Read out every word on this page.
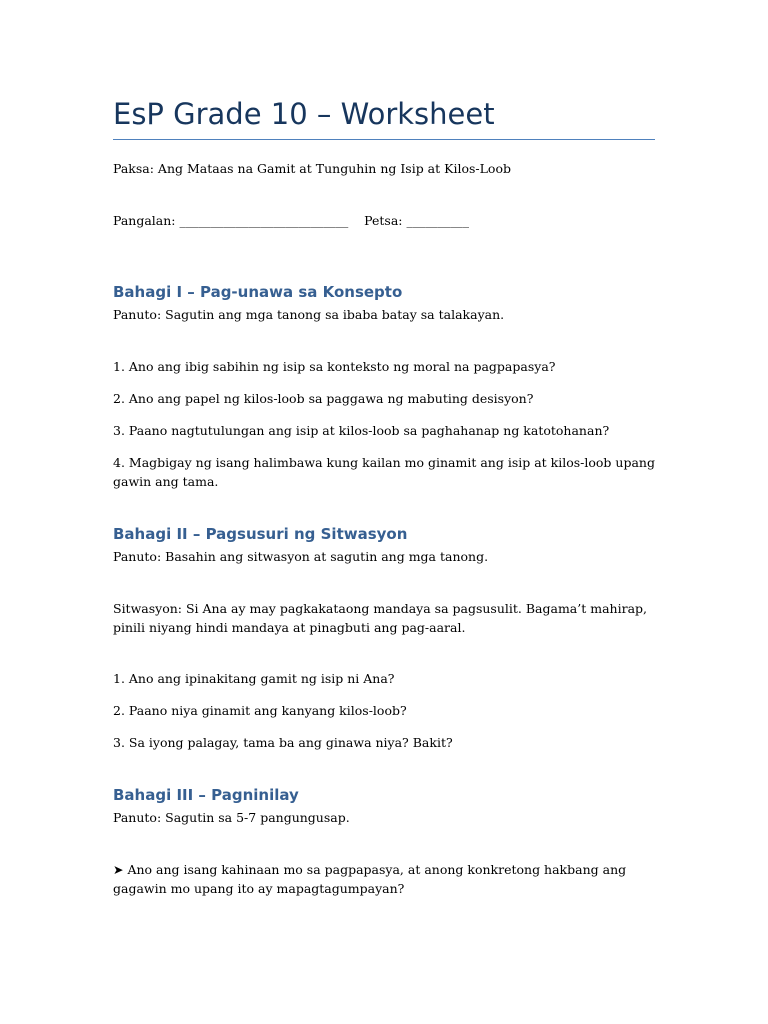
EsP Grade 10 – Worksheet

Paksa: Ang Mataas na Gamit at Tunguhin ng Isip at Kilos-Loob

Pangalan: ___________________________ Petsa: __________

Bahagi I – Pag-unawa sa Konsepto

Panuto: Sagutin ang mga tanong sa ibaba batay sa talakayan.

1. Ano ang ibig sabihin ng isip sa konteksto ng moral na pagpapasya?

2. Ano ang papel ng kilos-loob sa paggawa ng mabuting desisyon?

3. Paano nagtutulungan ang isip at kilos-loob sa paghahanap ng katotohanan?

4. Magbigay ng isang halimbawa kung kailan mo ginamit ang isip at kilos-loob upang gawin ang tama.

Bahagi II – Pagsusuri ng Sitwasyon

Panuto: Basahin ang sitwasyon at sagutin ang mga tanong.

Sitwasyon: Si Ana ay may pagkakataong mandaya sa pagsusulit. Bagama’t mahirap, pinili niyang hindi mandaya at pinagbuti ang pag-aaral.

1. Ano ang ipinakitang gamit ng isip ni Ana?

2. Paano niya ginamit ang kanyang kilos-loob?

3. Sa iyong palagay, tama ba ang ginawa niya? Bakit?

Bahagi III – Pagninilay

Panuto: Sagutin sa 5-7 pangungusap.

➤ Ano ang isang kahinaan mo sa pagpapasya, at anong konkretong hakbang ang gagawin mo upang ito ay mapagtagumpayan?
